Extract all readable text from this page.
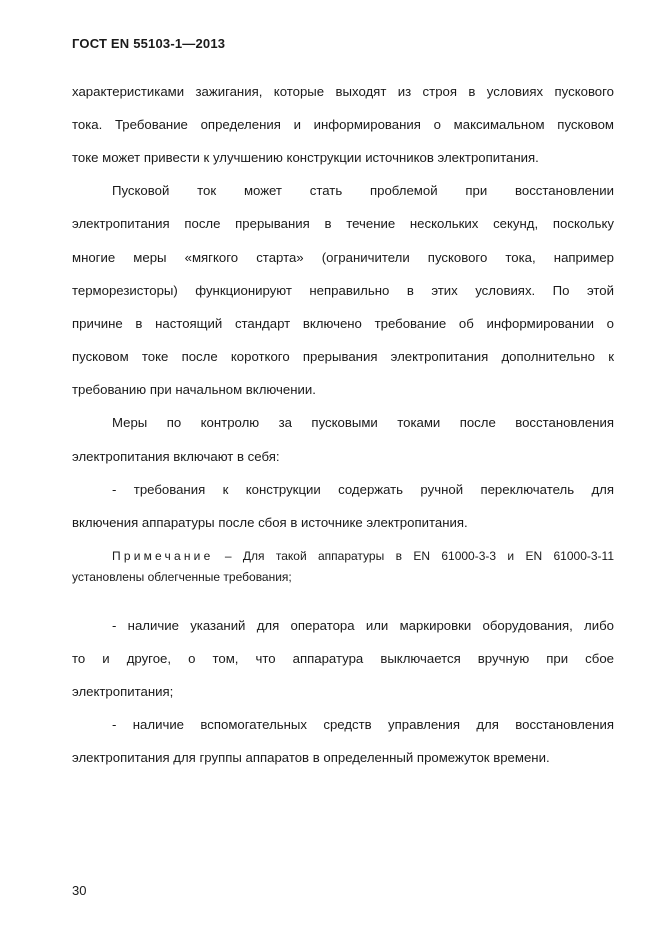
ГОСТ EN 55103-1—2013
характеристиками зажигания, которые выходят из строя в условиях пускового
тока. Требование определения и информирования о максимальном пусковом
токе может привести к улучшению конструкции источников электропитания.
Пусковой ток может стать проблемой при восстановлении
электропитания после прерывания в течение нескольких секунд, поскольку
многие меры «мягкого старта» (ограничители пускового тока, например
терморезисторы) функционируют неправильно в этих условиях. По этой
причине в настоящий стандарт включено требование об информировании о
пусковом токе после короткого прерывания электропитания дополнительно к
требованию при начальном включении.
Меры по контролю за пусковыми токами после восстановления
электропитания включают в себя:
- требования к конструкции содержать ручной переключатель для
включения аппаратуры после сбоя в источнике электропитания.
Примечание – Для такой аппаратуры в EN 61000-3-3 и EN 61000-3-11
установлены облегченные требования;
- наличие указаний для оператора или маркировки оборудования, либо
то и другое, о том, что аппаратура выключается вручную при сбое
электропитания;
- наличие вспомогательных средств управления для восстановления
электропитания для группы аппаратов в определенный промежуток времени.
30
